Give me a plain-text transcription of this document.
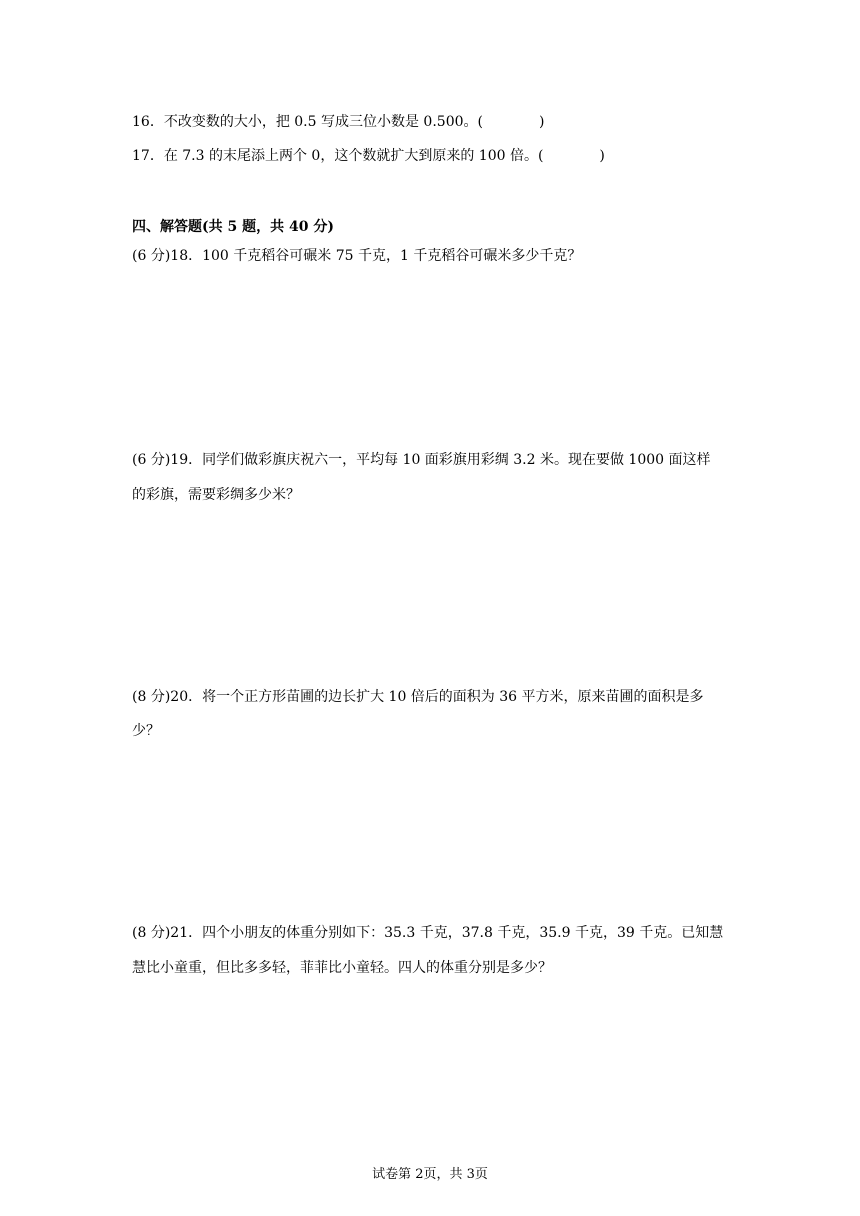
16．不改变数的大小，把 0.5 写成三位小数是 0.500。(　　　　)
17．在 7.3 的末尾添上两个 0，这个数就扩大到原来的 100 倍。(　　　　)
四、解答题(共 5 题，共 40 分)
(6 分)18．100 千克稻谷可碾米 75 千克，1 千克稻谷可碾米多少千克？
(6 分)19．同学们做彩旗庆祝六一，平均每 10 面彩旗用彩绸 3.2 米。现在要做 1000 面这样
的彩旗，需要彩绸多少米？
(8 分)20．将一个正方形苗圃的边长扩大 10 倍后的面积为 36 平方米，原来苗圃的面积是多
少？
(8 分)21．四个小朋友的体重分别如下：35.3 千克，37.8 千克，35.9 千克，39 千克。已知慧
慧比小童重，但比多多轻，菲菲比小童轻。四人的体重分别是多少？
试卷第 2页，共 3页
